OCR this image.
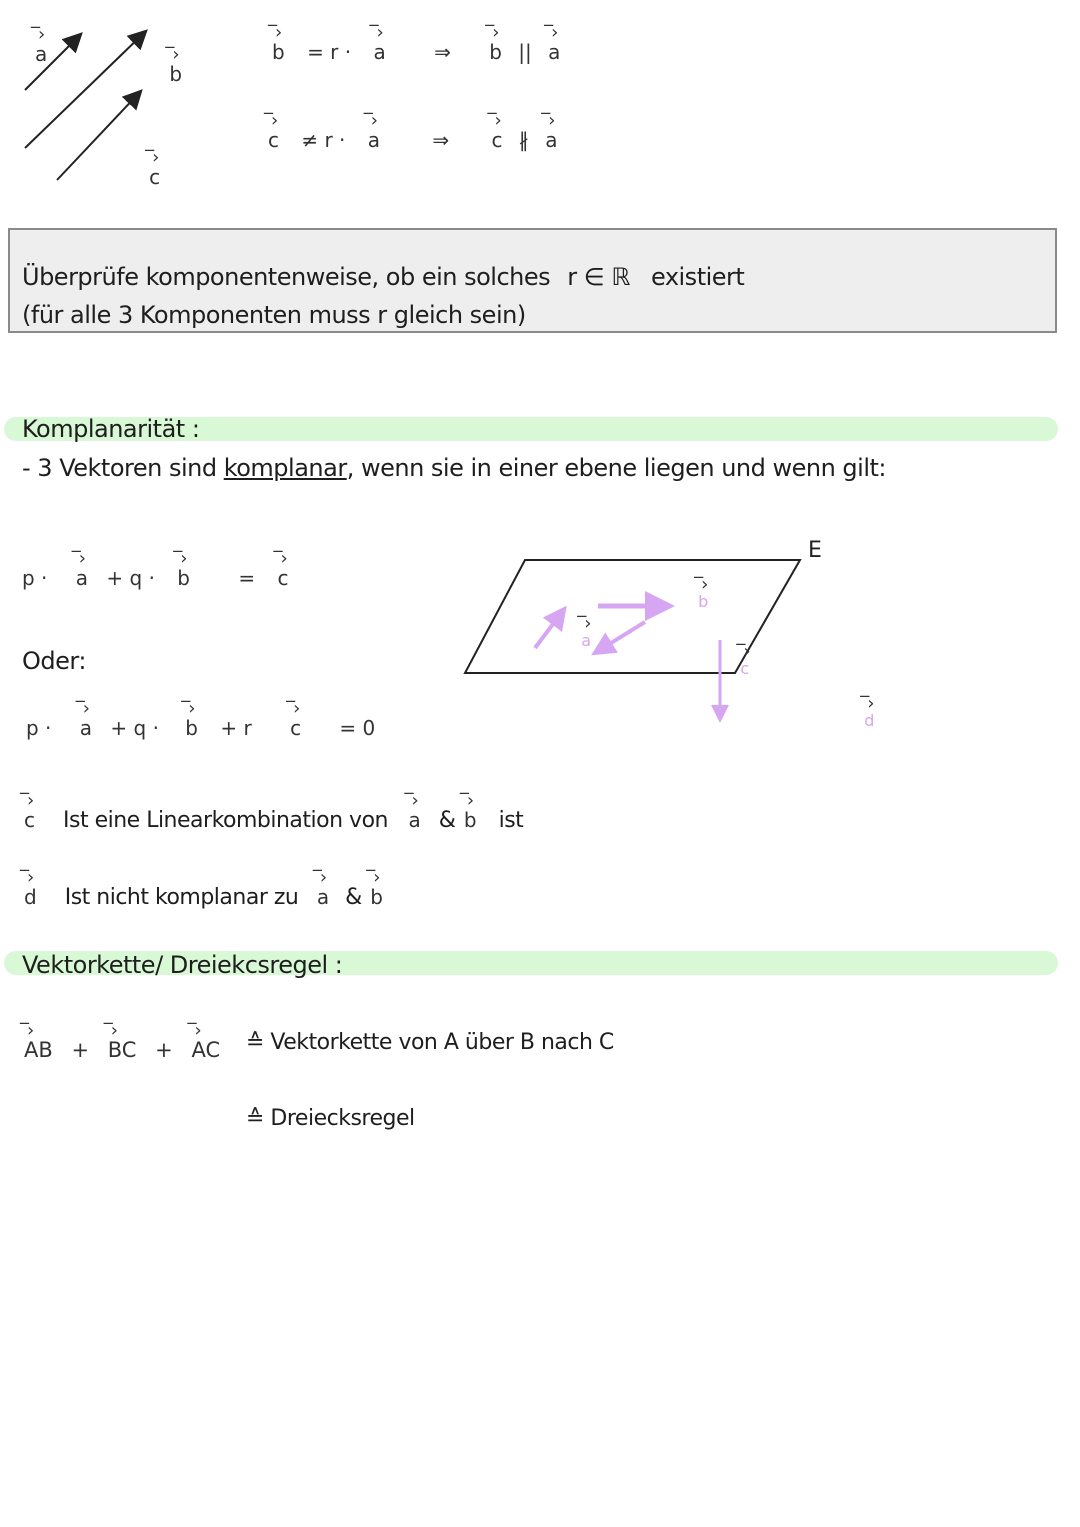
‾› a ‾› b ‾› c
‾› b = r · ‾› a ⇒ ‾› b || ‾› a
‾› c ≠ r · ‾› a	⇒ ‾› c ∦ ‾› a
Überprüfe komponentenweise, ob ein solches r ∈ ℝ existiert
(für alle 3 Komponenten muss r gleich sein)
Komplanarität :
- 3 Vektoren sind komplanar, wenn sie in einer ebene liegen und wenn gilt:
p · ‾› a + q · ‾› b = ‾› c
Oder:
p · ‾› a + q · ‾› b + r ‾› c = 0
‾› c Ist eine Linearkombination von ‾› a & ‾› b ist
‾› d Ist nicht komplanar zu ‾› a & ‾› b
E
‾› a ‾› b ‾› c ‾› d
Vektorkette/ Dreiekcsregel :
‾› AB + ‾› BC + ‾› AC ≙ Vektorkette von A über B nach C
≙ Dreiecksregel
